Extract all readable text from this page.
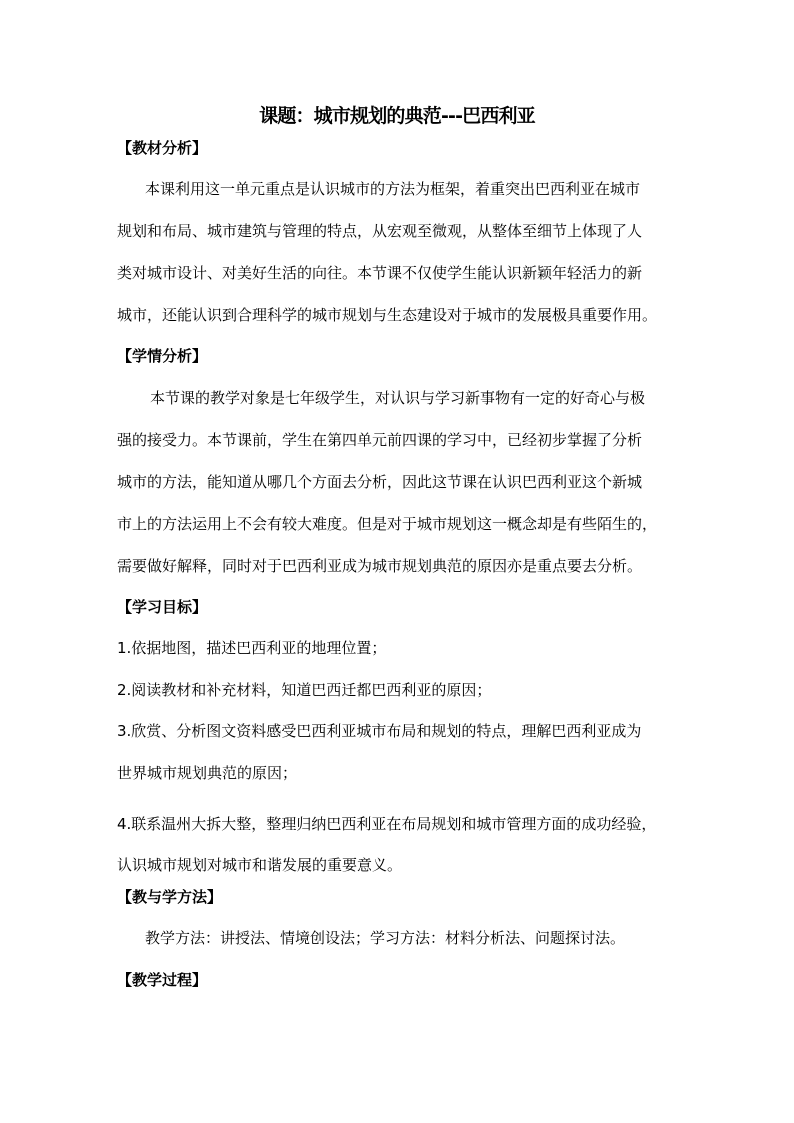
课题：城市规划的典范---巴西利亚
【教材分析】
本课利用这一单元重点是认识城市的方法为框架，着重突出巴西利亚在城市
规划和布局、城市建筑与管理的特点，从宏观至微观，从整体至细节上体现了人
类对城市设计、对美好生活的向往。本节课不仅使学生能认识新颖年轻活力的新
城市，还能认识到合理科学的城市规划与生态建设对于城市的发展极具重要作用。
【学情分析】
本节课的教学对象是七年级学生，对认识与学习新事物有一定的好奇心与极
强的接受力。本节课前，学生在第四单元前四课的学习中，已经初步掌握了分析
城市的方法，能知道从哪几个方面去分析，因此这节课在认识巴西利亚这个新城
市上的方法运用上不会有较大难度。但是对于城市规划这一概念却是有些陌生的，
需要做好解释，同时对于巴西利亚成为城市规划典范的原因亦是重点要去分析。
【学习目标】
1.依据地图，描述巴西利亚的地理位置；
2.阅读教材和补充材料，知道巴西迁都巴西利亚的原因；
3.欣赏、分析图文资料感受巴西利亚城市布局和规划的特点，理解巴西利亚成为
世界城市规划典范的原因；
4.联系温州大拆大整，整理归纳巴西利亚在布局规划和城市管理方面的成功经验，
认识城市规划对城市和谐发展的重要意义。
【教与学方法】
教学方法：讲授法、情境创设法；学习方法：材料分析法、问题探讨法。
【教学过程】
